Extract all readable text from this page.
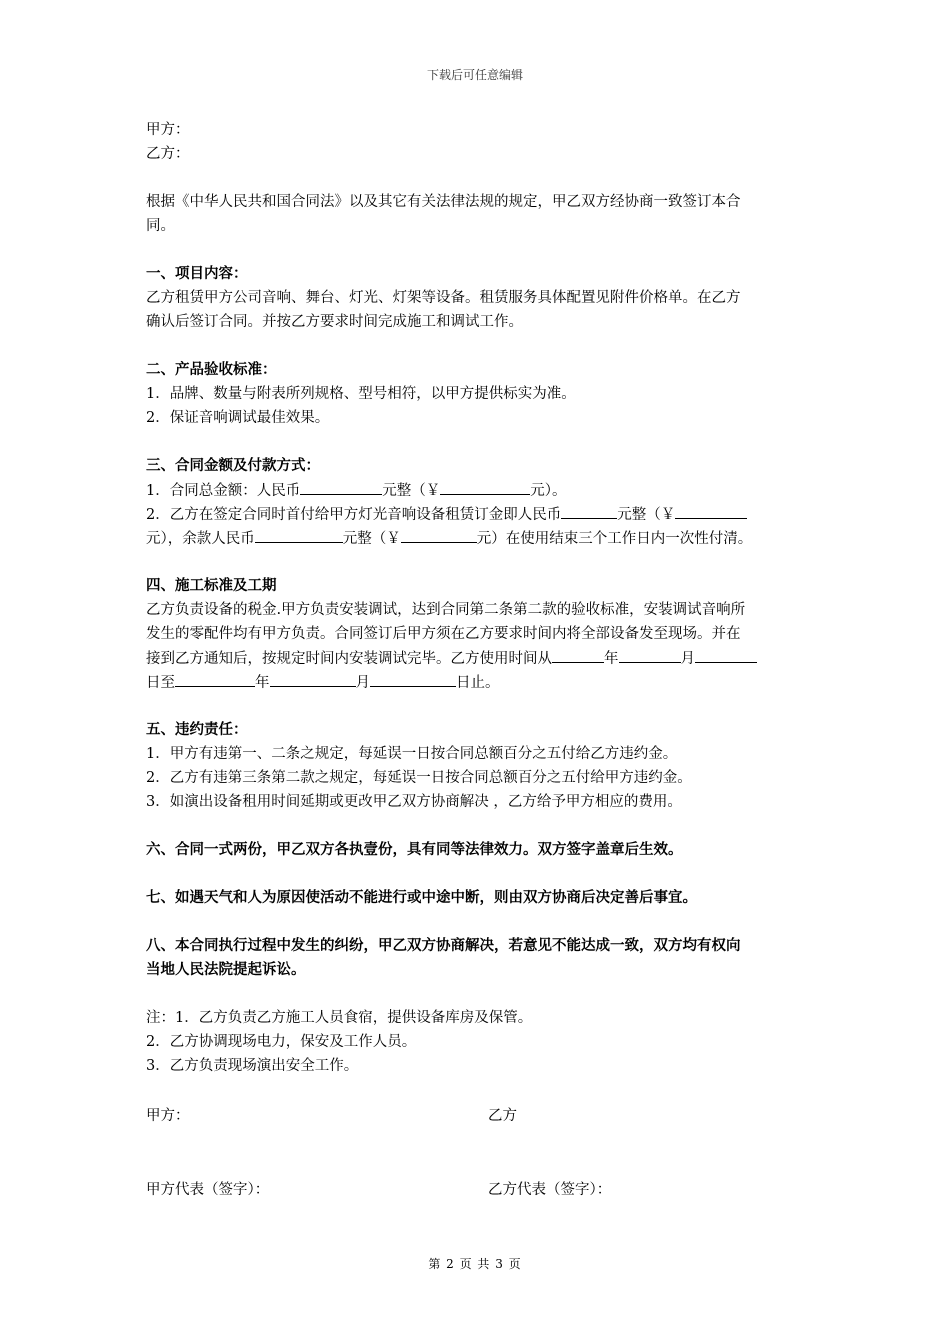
下载后可任意编辑
甲方：
乙方：
根据《中华人民共和国合同法》以及其它有关法律法规的规定，甲乙双方经协商一致签订本合
同。
一、项目内容：
乙方租赁甲方公司音响、舞台、灯光、灯架等设备。租赁服务具体配置见附件价格单。在乙方
确认后签订合同。并按乙方要求时间完成施工和调试工作。
二、产品验收标准：
1．品牌、数量与附表所列规格、型号相符，以甲方提供标实为准。
2．保证音响调试最佳效果。
三、合同金额及付款方式：
1．合同总金额：人民币	元整（￥	元）。
2．乙方在签定合同时首付给甲方灯光音响设备租赁订金即人民币	元整（￥
元），余款人民币	元整（￥	元）在使用结束三个工作日内一次性付清。
四、施工标准及工期
乙方负责设备的税金.甲方负责安装调试，达到合同第二条第二款的验收标准，安装调试音响所
发生的零配件均有甲方负责。合同签订后甲方须在乙方要求时间内将全部设备发至现场。并在
接到乙方通知后，按规定时间内安装调试完毕。乙方使用时间从	年	月
日至	年	月	日止。
五、违约责任：
1．甲方有违第一、二条之规定，每延误一日按合同总额百分之五付给乙方违约金。
2．乙方有违第三条第二款之规定，每延误一日按合同总额百分之五付给甲方违约金。
3．如演出设备租用时间延期或更改甲乙双方协商解决 ，乙方给予甲方相应的费用。
六、合同一式两份，甲乙双方各执壹份，具有同等法律效力。双方签字盖章后生效。
七、如遇天气和人为原因使活动不能进行或中途中断，则由双方协商后决定善后事宜。
八、本合同执行过程中发生的纠纷，甲乙双方协商解决，若意见不能达成一致，双方均有权向
当地人民法院提起诉讼。
注：1．乙方负责乙方施工人员食宿，提供设备库房及保管。
2．乙方协调现场电力，保安及工作人员。
3．乙方负责现场演出安全工作。
甲方：	乙方
甲方代表（签字）：	乙方代表（签字）：
第 2 页 共 3 页
